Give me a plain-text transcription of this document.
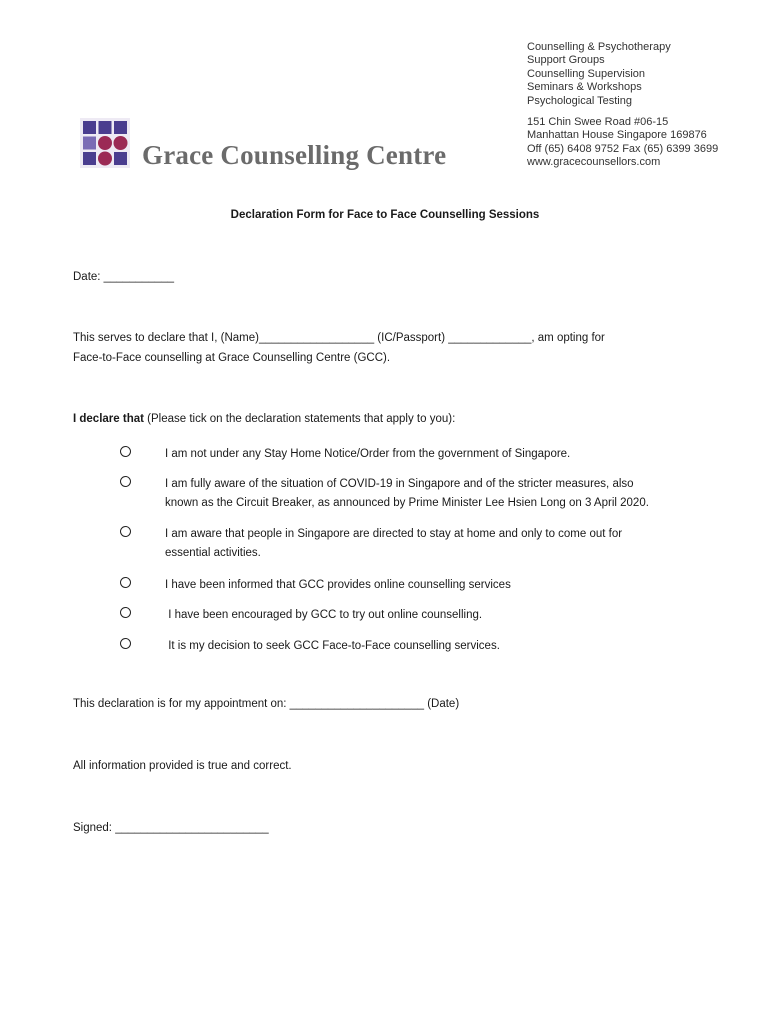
Grace Counselling Centre
Counselling & Psychotherapy
Support Groups
Counselling Supervision
Seminars & Workshops
Psychological Testing
151 Chin Swee Road #06-15
Manhattan House Singapore 169876
Off (65) 6408 9752 Fax (65) 6399 3699
www.gracecounsellors.com
Declaration Form for Face to Face Counselling Sessions
Date: ___________
This serves to declare that I, (Name)__________________ (IC/Passport) _____________, am opting for
Face-to-Face counselling at Grace Counselling Centre (GCC).
I declare that (Please tick on the declaration statements that apply to you):
I am not under any Stay Home Notice/Order from the government of Singapore.
I am fully aware of the situation of COVID-19 in Singapore and of the stricter measures, also
known as the Circuit Breaker, as announced by Prime Minister Lee Hsien Long on 3 April 2020.
I am aware that people in Singapore are directed to stay at home and only to come out for
essential activities.
I have been informed that GCC provides online counselling services
I have been encouraged by GCC to try out online counselling.
It is my decision to seek GCC Face-to-Face counselling services.
This declaration is for my appointment on: _____________________ (Date)
All information provided is true and correct.
Signed: ________________________
